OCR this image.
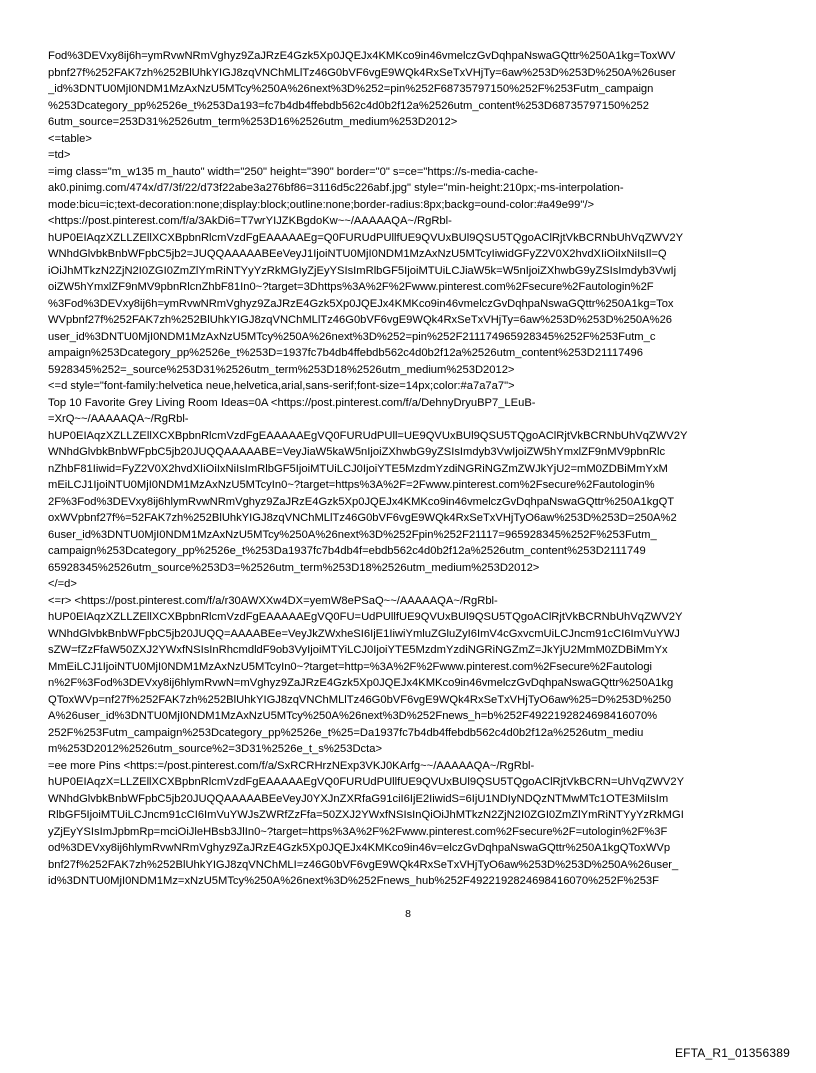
Fod%3DEVxy8ij6h=ymRvwNRmVghyz9ZaJRzE4Gzk5Xp0JQEJx4KMKco9in46vmelczGvDqhpaNswaGQttr%250A1kg=ToxWV
pbnf27f%252FAK7zh%252BlUhkYIGJ8zqVNChMLlTz46G0bVF6vgE9WQk4RxSeTxVHjTy=6aw%253D%253D%250A%26user
_id%3DNTU0MjI0NDM1MzAxNzU5MTcy%250A%26next%3D%252=pin%252F68735797150%252F%253Futm_campaign
%253Dcategory_pp%2526e_t%253Da193=fc7b4db4ffebdb562c4d0b2f12a%2526utm_content%253D68735797150%252
6utm_source=253D31%2526utm_term%253D16%2526utm_medium%253D2012>
<=table>
=td>
=img class="m_w135 m_hauto" width="250" height="390" border="0" s=ce="https://s-media-cache-
ak0.pinimg.com/474x/d7/3f/22/d73f22abe3a276bf86=3116d5c226abf.jpg" style="min-height:210px;-ms-interpolation-
mode:bicu=ic;text-decoration:none;display:block;outline:none;border-radius:8px;backg=ound-color:#a49e99"/>
<https://post.pinterest.com/f/a/3AkDi6=T7wrYIJZKBgdoKw~~/AAAAAQA~/RgRbl-
hUP0EIAqzXZLLZEllXCXBpbnRlcmVzdFgEAAAAAEg=Q0FURUdPUllfUE9QVUxBUl9QSU5TQgoAClRjtVkBCRNbUhVqZWV2Y
WNhdGlvbkBnbWFpbC5jb2=JUQQAAAAABEeVeyJ1IjoiNTU0MjI0NDM1MzAxNzU5MTcyIiwidGFyZ2V0X2hvdXIiOiIxNiIsIl=Q
iOiJhMTkzN2ZjN2I0ZGI0ZmZlYmRiNTYyYzRkMGIyZjEyYSIsImRlbGF5IjoiMTUiLCJiaW5k=W5nIjoiZXhwbG9yZSIsImdyb3VwIj
oiZW5hYmxlZF9nMV9pbnRlcnZhbF81In0~?target=3Dhttps%3A%2F%2Fwww.pinterest.com%2Fsecure%2Fautologin%2F
%3Fod%3DEVxy8ij6h=ymRvwNRmVghyz9ZaJRzE4Gzk5Xp0JQEJx4KMKco9in46vmelczGvDqhpaNswaGQttr%250A1kg=Tox
WVpbnf27f%252FAK7zh%252BlUhkYIGJ8zqVNChMLlTz46G0bVF6vgE9WQk4RxSeTxVHjTy=6aw%253D%253D%250A%26
user_id%3DNTU0MjI0NDM1MzAxNzU5MTcy%250A%26next%3D%252=pin%252F211174965928345%252F%253Futm_c
ampaign%253Dcategory_pp%2526e_t%253D=1937fc7b4db4ffebdb562c4d0b2f12a%2526utm_content%253D21117496
5928345%252=_source%253D31%2526utm_term%253D18%2526utm_medium%253D2012>
<=d style="font-family:helvetica neue,helvetica,arial,sans-serif;font-size=14px;color:#a7a7a7">
Top 10 Favorite Grey Living Room Ideas=0A <https://post.pinterest.com/f/a/DehnyDryuBP7_LEuB-
=XrQ~~/AAAAAQA~/RgRbl-
hUP0EIAqzXZLLZEllXCXBpbnRlcmVzdFgEAAAAAEgVQ0FURUdPUll=UE9QVUxBUl9QSU5TQgoAClRjtVkBCRNbUhVqZWV2Y
WNhdGlvbkBnbWFpbC5jb20JUQQAAAAABE=VeyJiaW5kaW5nIjoiZXhwbG9yZSIsImdyb3VwIjoiZW5hYmxlZF9nMV9pbnRlc
nZhbF81Iiwid=FyZ2V0X2hvdXIiOiIxNiIsImRlbGF5IjoiMTUiLCJ0IjoiYTE5MzdmYzdiNGRiNGZmZWJkYjU2=mM0ZDBiMmYxM
mEiLCJ1IjoiNTU0MjI0NDM1MzAxNzU5MTcyIn0~?target=https%3A%2F=2Fwww.pinterest.com%2Fsecure%2Fautologin%
2F%3Fod%3DEVxy8ij6hlymRvwNRmVghyz9ZaJRzE4Gzk5Xp0JQEJx4KMKco9in46vmelczGvDqhpaNswaGQttr%250A1kgQT
oxWVpbnf27f%=52FAK7zh%252BlUhkYIGJ8zqVNChMLlTz46G0bVF6vgE9WQk4RxSeTxVHjTyO6aw%253D%253D=250A%2
6user_id%3DNTU0MjI0NDM1MzAxNzU5MTcy%250A%26next%3D%252Fpin%252F21117=965928345%252F%253Futm_
campaign%253Dcategory_pp%2526e_t%253Da1937fc7b4db4f=ebdb562c4d0b2f12a%2526utm_content%253D2111749
65928345%2526utm_source%253D3=%2526utm_term%253D18%2526utm_medium%253D2012>
</=d>
<=r> <https://post.pinterest.com/f/a/r30AWXXw4DX=yemW8ePSaQ~~/AAAAAQA~/RgRbl-
hUP0EIAqzXZLLZEllXCXBpbnRlcmVzdFgEAAAAAEgVQ0FU=UdPUllfUE9QVUxBUl9QSU5TQgoAClRjtVkBCRNbUhVqZWV2Y
WNhdGlvbkBnbWFpbC5jb20JUQQ=AAAABEe=VeyJkZWxheSI6IjE1IiwiYmluZGluZyI6ImV4cGxvcmUiLCJncm91cCI6ImVuYWJ
sZW=fZzFfaW50ZXJ2YWxfNSIsInRhcmdldF9ob3VyIjoiMTYiLCJ0IjoiYTE5MzdmYzdiNGRiNGZmZ=JkYjU2MmM0ZDBiMmYx
MmEiLCJ1IjoiNTU0MjI0NDM1MzAxNzU5MTcyIn0~?target=http=%3A%2F%2Fwww.pinterest.com%2Fsecure%2Fautologi
n%2F%3Fod%3DEVxy8ij6hlymRvwN=mVghyz9ZaJRzE4Gzk5Xp0JQEJx4KMKco9in46vmelczGvDqhpaNswaGQttr%250A1kg
QToxWVp=nf27f%252FAK7zh%252BlUhkYIGJ8zqVNChMLlTz46G0bVF6vgE9WQk4RxSeTxVHjTyO6aw%25=D%253D%250
A%26user_id%3DNTU0MjI0NDM1MzAxNzU5MTcy%250A%26next%3D%252Fnews_h=b%252F4922192824698416070%
252F%253Futm_campaign%253Dcategory_pp%2526e_t%25=Da1937fc7b4db4ffebdb562c4d0b2f12a%2526utm_mediu
m%253D2012%2526utm_source%2=3D31%2526e_t_s%253Dcta>
=ee more Pins <https:=/post.pinterest.com/f/a/SxRCRHrzNExp3VKJ0KArfg~~/AAAAAQA~/RgRbl-
hUP0EIAqzX=LLZEllXCXBpbnRlcmVzdFgEAAAAAEgVQ0FURUdPUllfUE9QVUxBUl9QSU5TQgoAClRjtVkBCRN=UhVqZWV2Y
WNhdGlvbkBnbWFpbC5jb20JUQQAAAAABEeVeyJ0YXJnZXRfaG91ciI6IjE2IiwidS=6IjU1NDIyNDQzNTMwMTc1OTE3MiIsIm
RlbGF5IjoiMTUiLCJncm91cCI6ImVuYWJsZWRfZzFfa=50ZXJ2YWxfNSIsInQiOiJhMTkzN2ZjN2I0ZGI0ZmZlYmRiNTYyYzRkMGI
yZjEyYSIsImJpbmRp=mciOiJleHBsb3JlIn0~?target=https%3A%2F%2Fwww.pinterest.com%2Fsecure%2F=utologin%2F%3F
od%3DEVxy8ij6hlymRvwNRmVghyz9ZaJRzE4Gzk5Xp0JQEJx4KMKco9in46v=elczGvDqhpaNswaGQttr%250A1kgQToxWVp
bnf27f%252FAK7zh%252BlUhkYIGJ8zqVNChMLI=z46G0bVF6vgE9WQk4RxSeTxVHjTyO6aw%253D%253D%250A%26user_
id%3DNTU0MjI0NDM1Mz=xNzU5MTcy%250A%26next%3D%252Fnews_hub%252F4922192824698416070%252F%253F
8
EFTA_R1_01356389
